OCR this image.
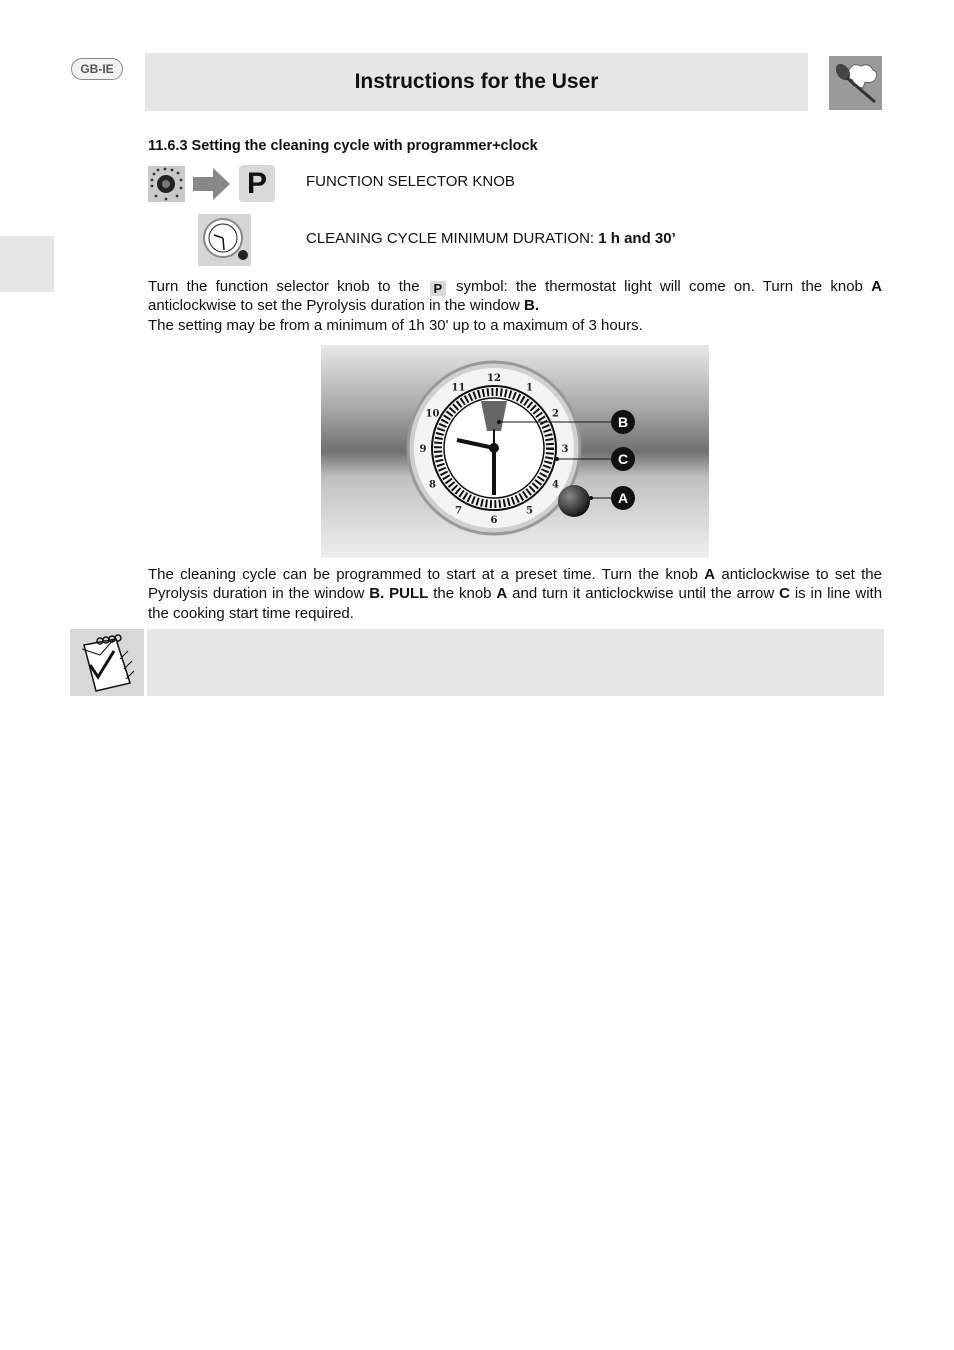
GB-IE
Instructions for the User
11.6.3 Setting the cleaning cycle with programmer+clock
P	FUNCTION SELECTOR KNOB
CLEANING CYCLE MINIMUM DURATION: 1 h and 30’
Turn the function selector knob to the P symbol: the thermostat light will come on. Turn the knob A anticlockwise to set the Pyrolysis duration in the window B.
The setting may be from a minimum of 1h 30' up to a maximum of 3 hours.
12
1
2
3
4
5
6
7
8
9
10
11
B
C
A
The cleaning cycle can be programmed to start at a preset time. Turn the knob A anticlockwise to set the Pyrolysis duration in the window B. PULL the knob A and turn it anticlockwise until the arrow C is in line with the cooking start time required.
